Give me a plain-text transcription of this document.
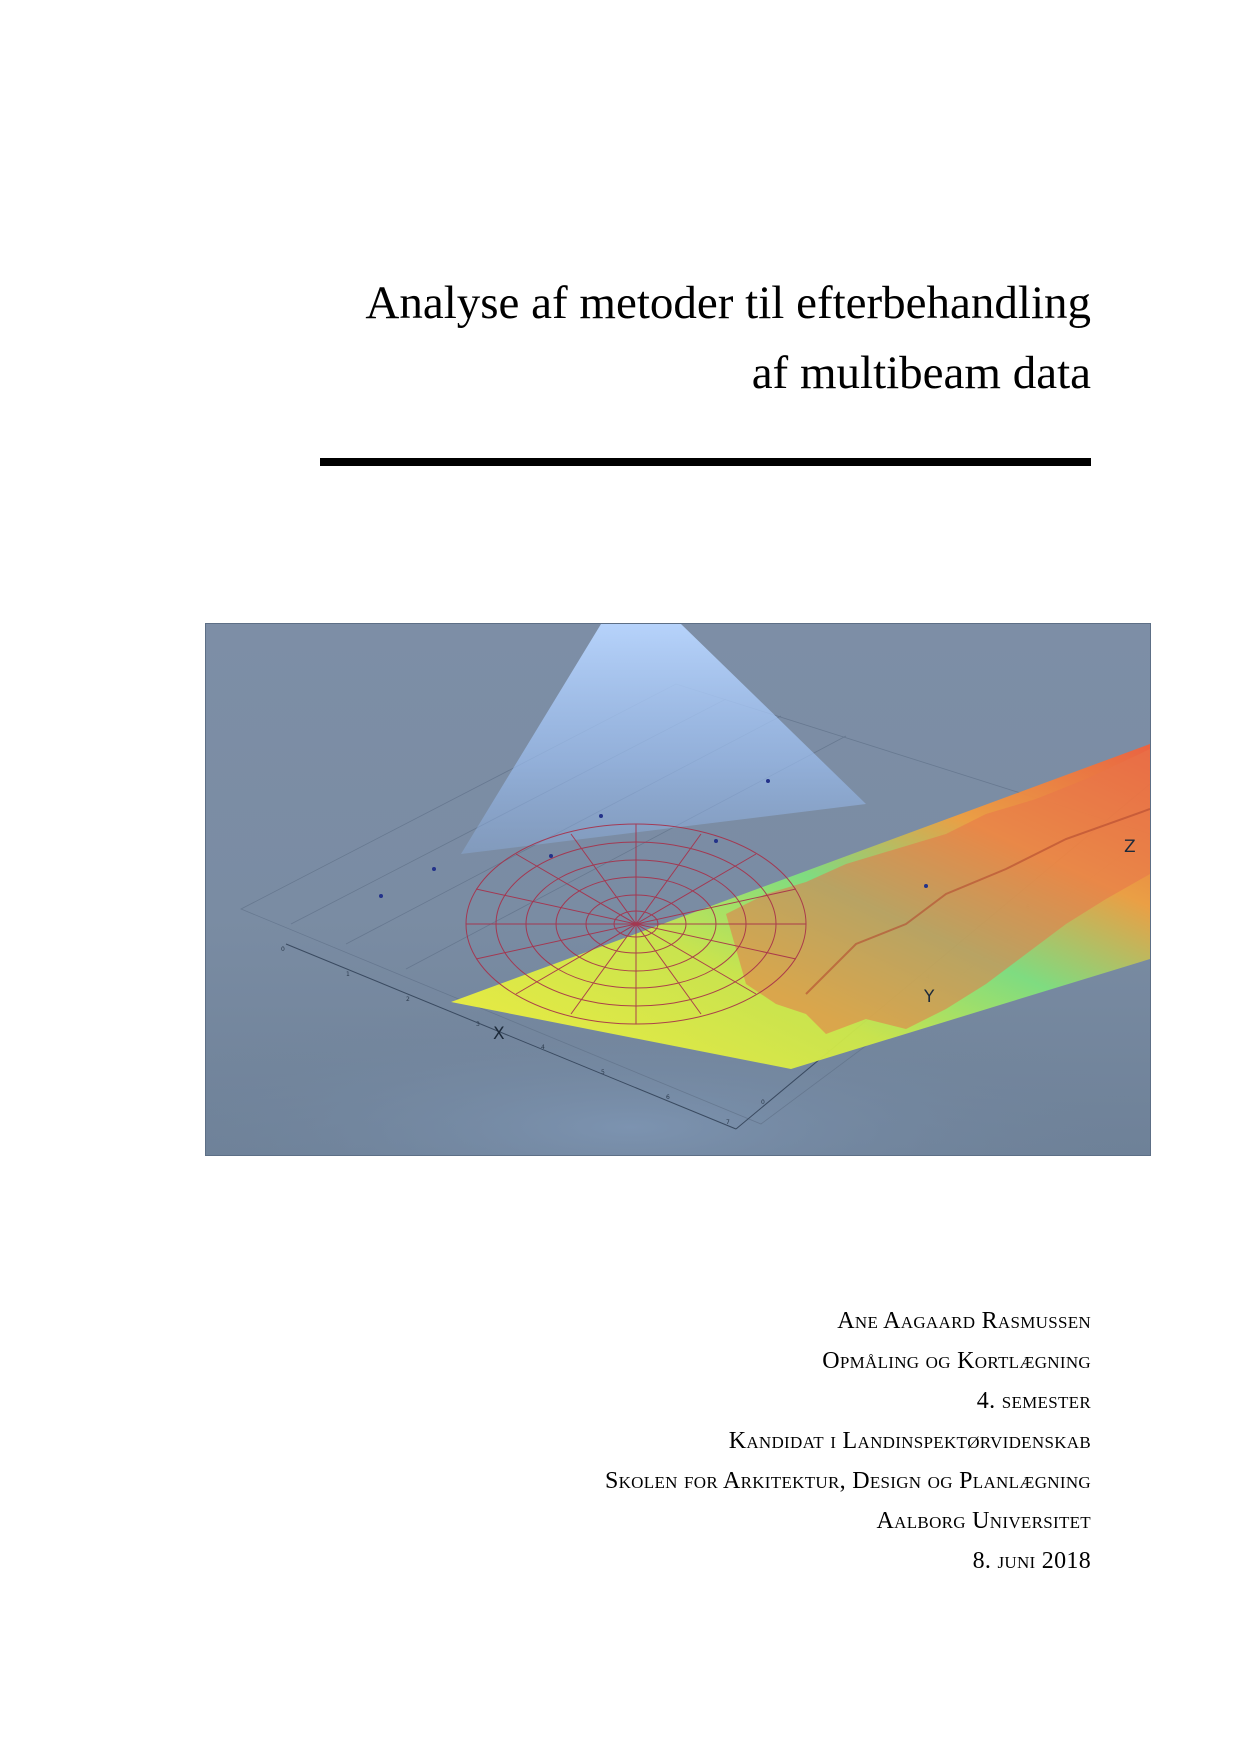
Analyse af metoder til efterbehandling
af multibeam data
0
1
2
3
4
5
6
7
0
X
Y
Z
Ane Aagaard Rasmussen
Opmåling og Kortlægning
4. semester
Kandidat i Landinspektørvidenskab
Skolen for Arkitektur, Design og Planlægning
Aalborg Universitet
8. juni 2018
